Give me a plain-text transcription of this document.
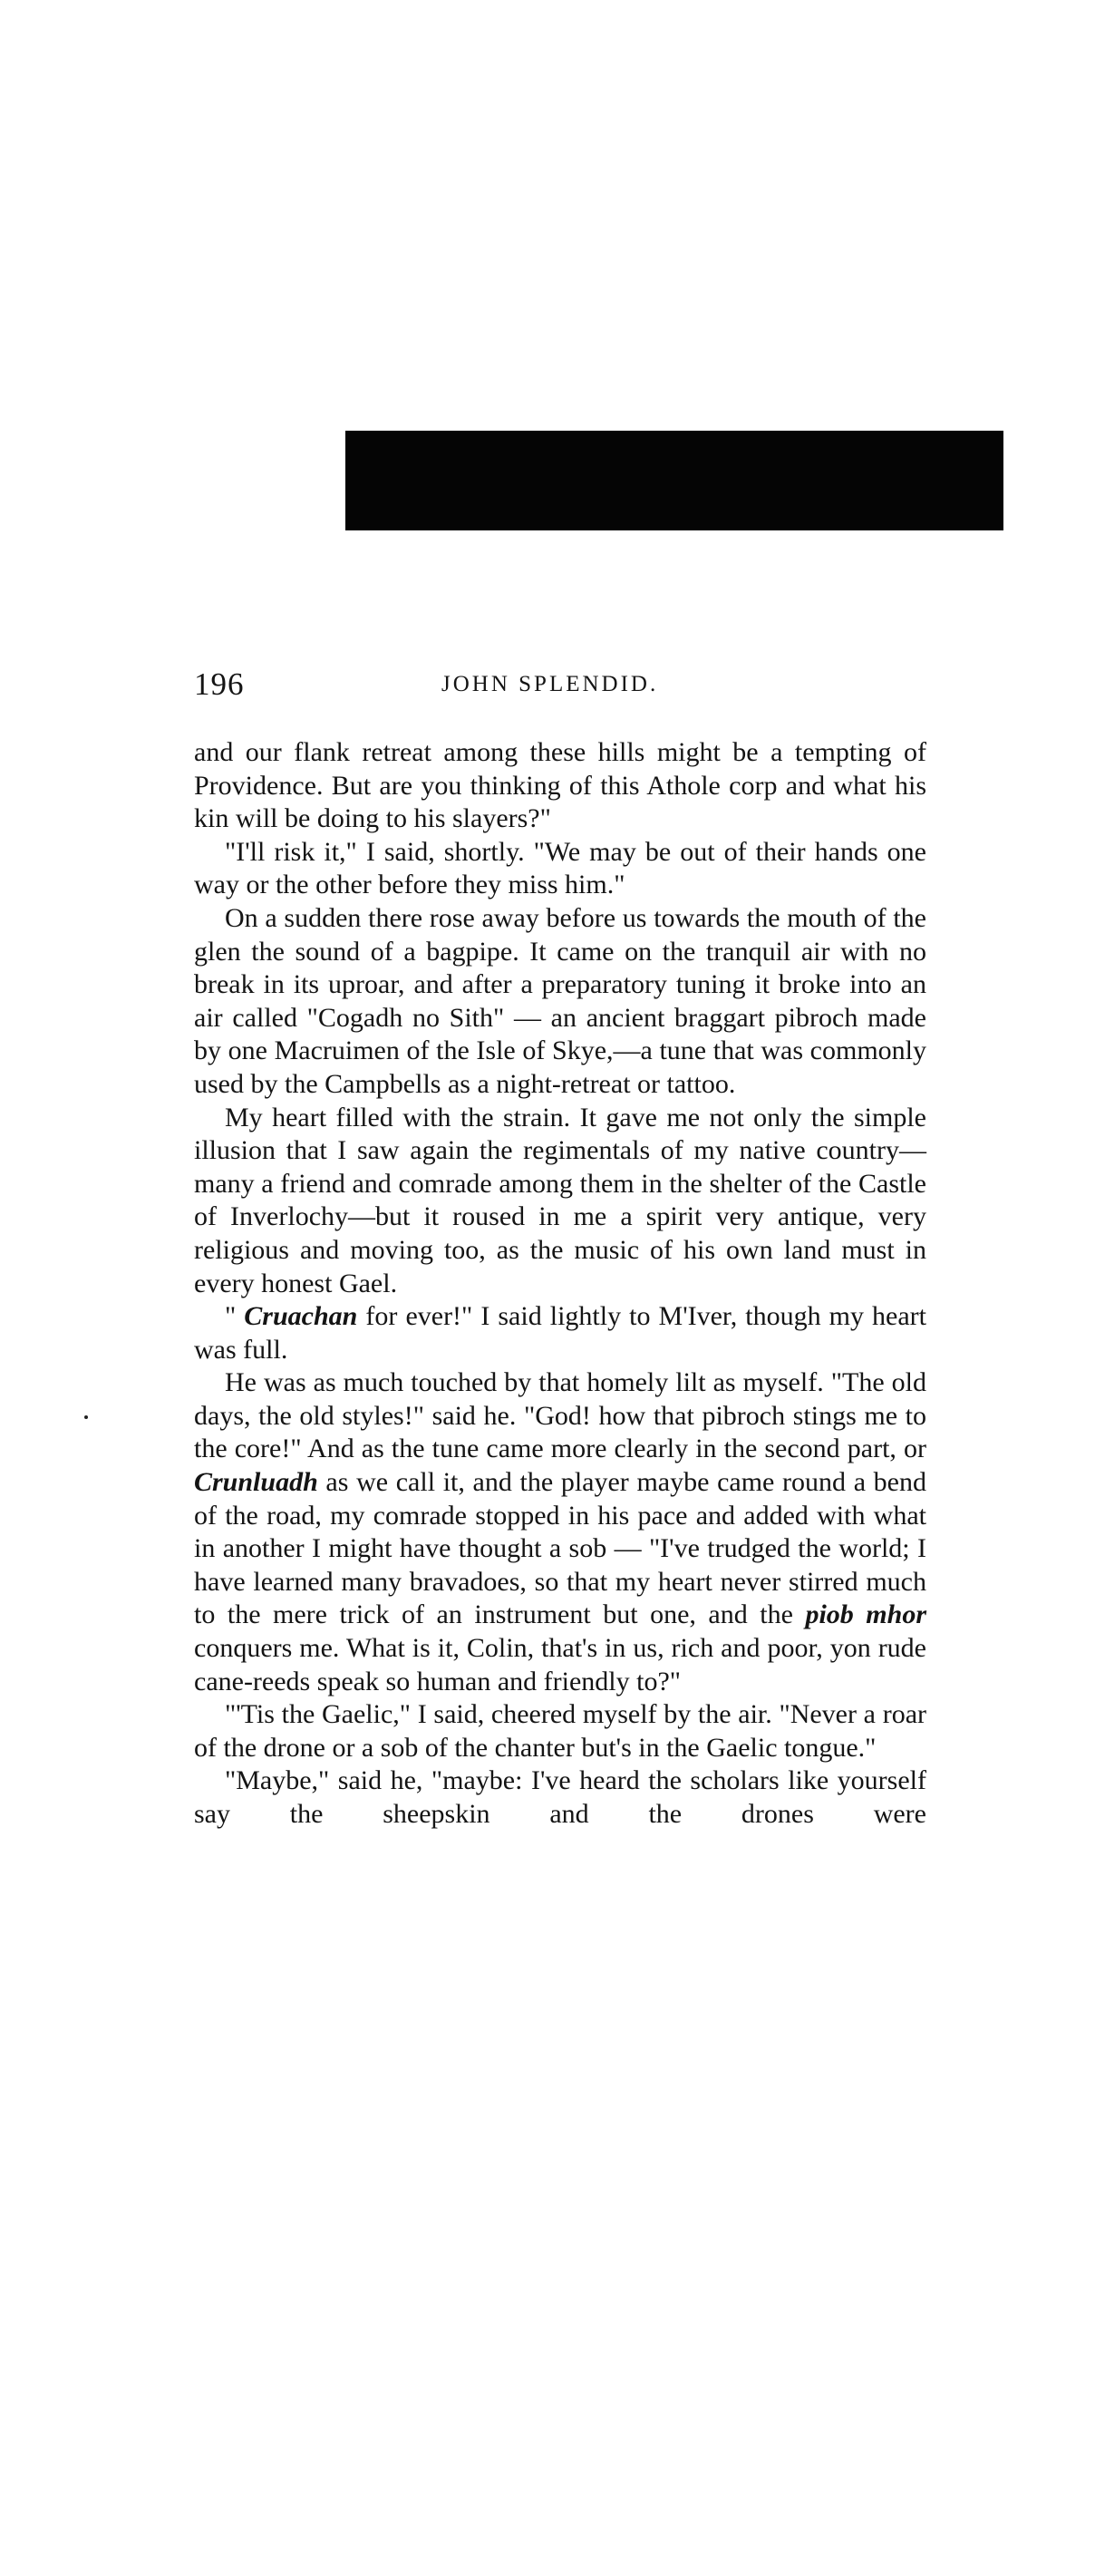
196	JOHN SPLENDID.

and our flank retreat among these hills might be a tempting of Providence. But are you thinking of this Athole corp and what his kin will be doing to his slayers?"

"I'll risk it," I said, shortly. "We may be out of their hands one way or the other before they miss him."

On a sudden there rose away before us towards the mouth of the glen the sound of a bagpipe. It came on the tranquil air with no break in its uproar, and after a preparatory tuning it broke into an air called "Cogadh no Sith" — an ancient braggart pibroch made by one Macruimen of the Isle of Skye,—a tune that was commonly used by the Campbells as a night-retreat or tattoo.

My heart filled with the strain. It gave me not only the simple illusion that I saw again the regimentals of my native country—many a friend and comrade among them in the shelter of the Castle of Inverlochy—but it roused in me a spirit very antique, very religious and moving too, as the music of his own land must in every honest Gael.

" Cruachan for ever!" I said lightly to M'Iver, though my heart was full.

He was as much touched by that homely lilt as myself. "The old days, the old styles!" said he. "God! how that pibroch stings me to the core!" And as the tune came more clearly in the second part, or Crunluadh as we call it, and the player maybe came round a bend of the road, my comrade stopped in his pace and added with what in another I might have thought a sob — "I've trudged the world; I have learned many bravadoes, so that my heart never stirred much to the mere trick of an instrument but one, and the piob mhor conquers me. What is it, Colin, that's in us, rich and poor, yon rude cane-reeds speak so human and friendly to?"

"'Tis the Gaelic," I said, cheered myself by the air. "Never a roar of the drone or a sob of the chanter but's in the Gaelic tongue."

"Maybe," said he, "maybe: I've heard the scholars like yourself say the sheepskin and the drones were
